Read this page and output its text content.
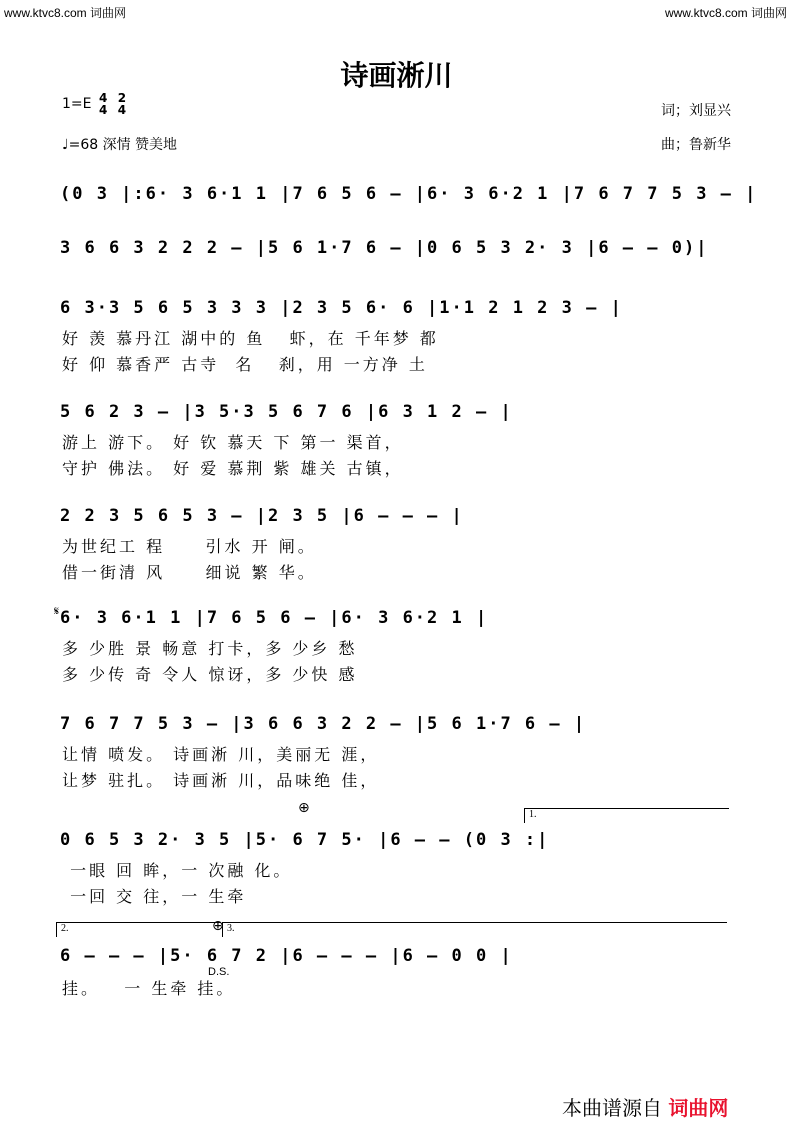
www.ktvc8.com 词曲网	www.ktvc8.com 词曲网
诗画淅川
1=E 4
4

2
4	词；刘显兴
♩=68 深情 赞美地	曲；鲁新华
(0 3 |:6· 3 6·1 1 |7 6 5 6 – |6· 3 6·2 1 |7 6 7 7 5 3 – |
3 6 6 3 2 2 2 – |5 6 1·7 6 – |0 6 5 3 2· 3 |6 – – 0)|
6 3·3 5 6 5 3 3 3 |2 3 5 6· 6 |1·1 2 1 2 3 – |
好 羡 慕丹江 湖中的 鱼   虾，在 千年梦 都
好 仰 慕香严 古寺  名   刹，用 一方净 土
5 6 2 3 – |3 5·3 5 6 7 6 |6 3 1 2 – |
游上 游下。 好 钦 慕天 下 第一 渠首，
守护 佛法。 好 爱 慕荆 紫 雄关 古镇，
2 2 3 5 6 5 3 – |2 3 5 |6 – – – |
为世纪工 程     引水 开 闸。
借一街清 风     细说 繁 华。
𝄋 6· 3 6·1 1 |7 6 5 6 – |6· 3 6·2 1 |
多 少胜 景 畅意 打卡，多 少乡 愁
多 少传 奇 令人 惊讶，多 少快 感
7 6 7 7 5 3 – |3 6 6 3 2 2 – |5 6 1·7 6 – |
让情 喷发。 诗画淅 川，美丽无 涯，
让梦 驻扎。 诗画淅 川，品味绝 佳，
⊕	1.
0 6 5 3 2· 3 5 |5· 6 7 5· |6 – – (0 3 :|
一眼 回 眸，一 次融 化。
一回 交 往，一 生牵
2.	⊕ 3.
6 – – – |5· 6 7 2 |6 – – – |6 – 0 0 |
D.S.
挂。   一 生牵 挂。
本曲谱源自 词曲网
